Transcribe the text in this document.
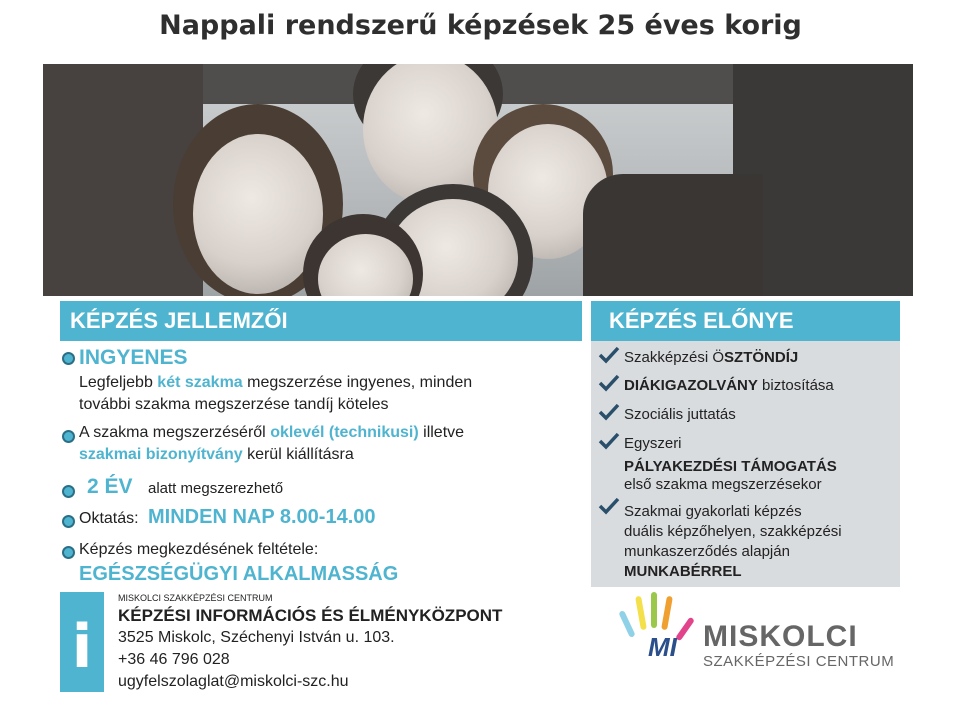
Nappali rendszerű képzések 25 éves korig
KÉPZÉS JELLEMZŐI
INGYENES
Legfeljebb két szakma megszerzése ingyenes, minden
további szakma megszerzése tandíj köteles
A szakma megszerzéséről oklevél (technikusi) illetve
szakmai bizonyítvány kerül kiállításra
2 ÉV alatt megszerezhető
Oktatás: MINDEN NAP 8.00-14.00
Képzés megkezdésének feltétele:
EGÉSZSÉGÜGYI ALKALMASSÁG
KÉPZÉS ELŐNYE
Szakképzési ÖSZTÖNDÍJ
DIÁKIGAZOLVÁNY biztosítása
Szociális juttatás
Egyszeri
PÁLYAKEZDÉSI TÁMOGATÁS
első szakma megszerzésekor
Szakmai gyakorlati képzés
duális képzőhelyen, szakképzési
munkaszerződés alapján
MUNKABÉRREL
i
MISKOLCI SZAKKÉPZÉSI CENTRUM
KÉPZÉSI INFORMÁCIÓS ÉS ÉLMÉNYKÖZPONT
3525 Miskolc, Széchenyi István u. 103.
+36 46 796 028
ugyfelszolaglat@miskolci-szc.hu
MI MISKOLCI
SZAKKÉPZÉSI CENTRUM
